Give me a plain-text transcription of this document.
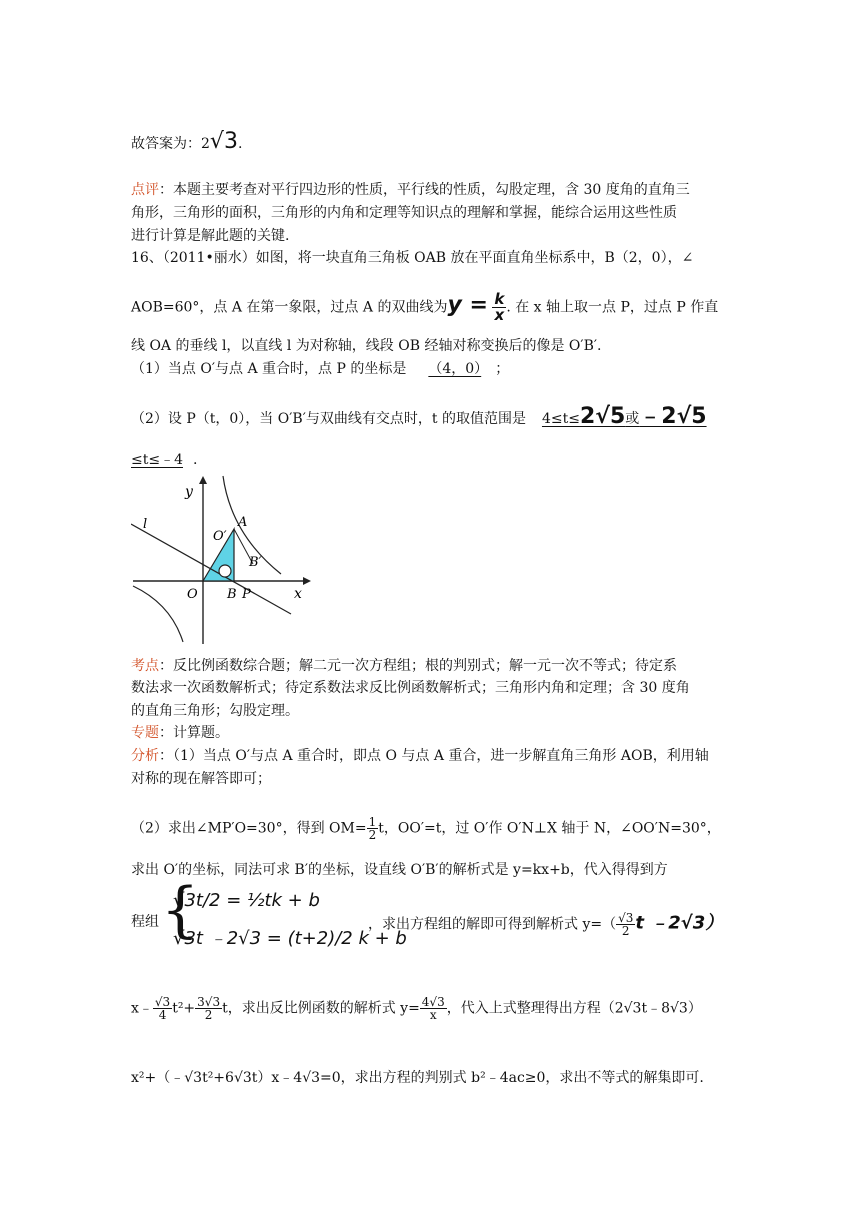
故答案为：2√3.
点评：本题主要考查对平行四边形的性质，平行线的性质，勾股定理，含 30 度角的直角三
角形，三角形的面积，三角形的内角和定理等知识点的理解和掌握，能综合运用这些性质
进行计算是解此题的关键.
16、（2011•丽水）如图，将一块直角三角板 OAB 放在平面直角坐标系中，B（2，0），∠
AOB=60°，点 A 在第一象限，过点 A 的双曲线为$y = \frac{k}{x}$ . 在 x 轴上取一点 P，过点 P 作直
线 OA 的垂线 l，以直线 l 为对称轴，线段 OB 经轴对称变换后的像是 O′B′.
（1）当点 O′与点 A 重合时，点 P 的坐标是 （4，0） ；
（2）设 P（t，0），当 O′B′与双曲线有交点时，t 的取值范围是 4≤t≤2√5或﹣2√5
≤t≤﹣4 .
y
x
O
A
B P
O′
B′
l
考点：反比例函数综合题；解二元一次方程组；根的判别式；解一元一次不等式；待定系
数法求一次函数解析式；待定系数法求反比例函数解析式；三角形内角和定理；含 30 度角
的直角三角形；勾股定理。
专题：计算题。
分析：（1）当点 O′与点 A 重合时，即点 O 与点 A 重合，进一步解直角三角形 AOB，利用轴
对称的现在解答即可；
（2）求出∠MP′O=30°，得到 $OM= \frac{1}{2}$ t，OO′=t，过 O′作 O′N⊥X 轴于 N，∠OO′N=30°，
求出 O′的坐标，同法可求 B′的坐标，设直线 O′B′的解析式是 y=kx+b，代入得得到方
程组 {
√3t/2 = ½tk + b
√3t ﹣2√3 = (t+2)/2 k + b
，求出方程组的解即可得到解析式 $y=( \frac{√3}{2}$ t ﹣2√3）
x﹣ $\frac{√3}{4} t^2+ \frac{3√3}{2}$ t，求出反比例函数的解析式 $y= \frac{4√3}{x}$ ，代入上式整理得出方程（2√3t﹣8√3）
x²+（﹣√3t²+6√3t）x﹣4√3=0，求出方程的判别式 b²﹣4ac≥0，求出不等式的解集即可.
